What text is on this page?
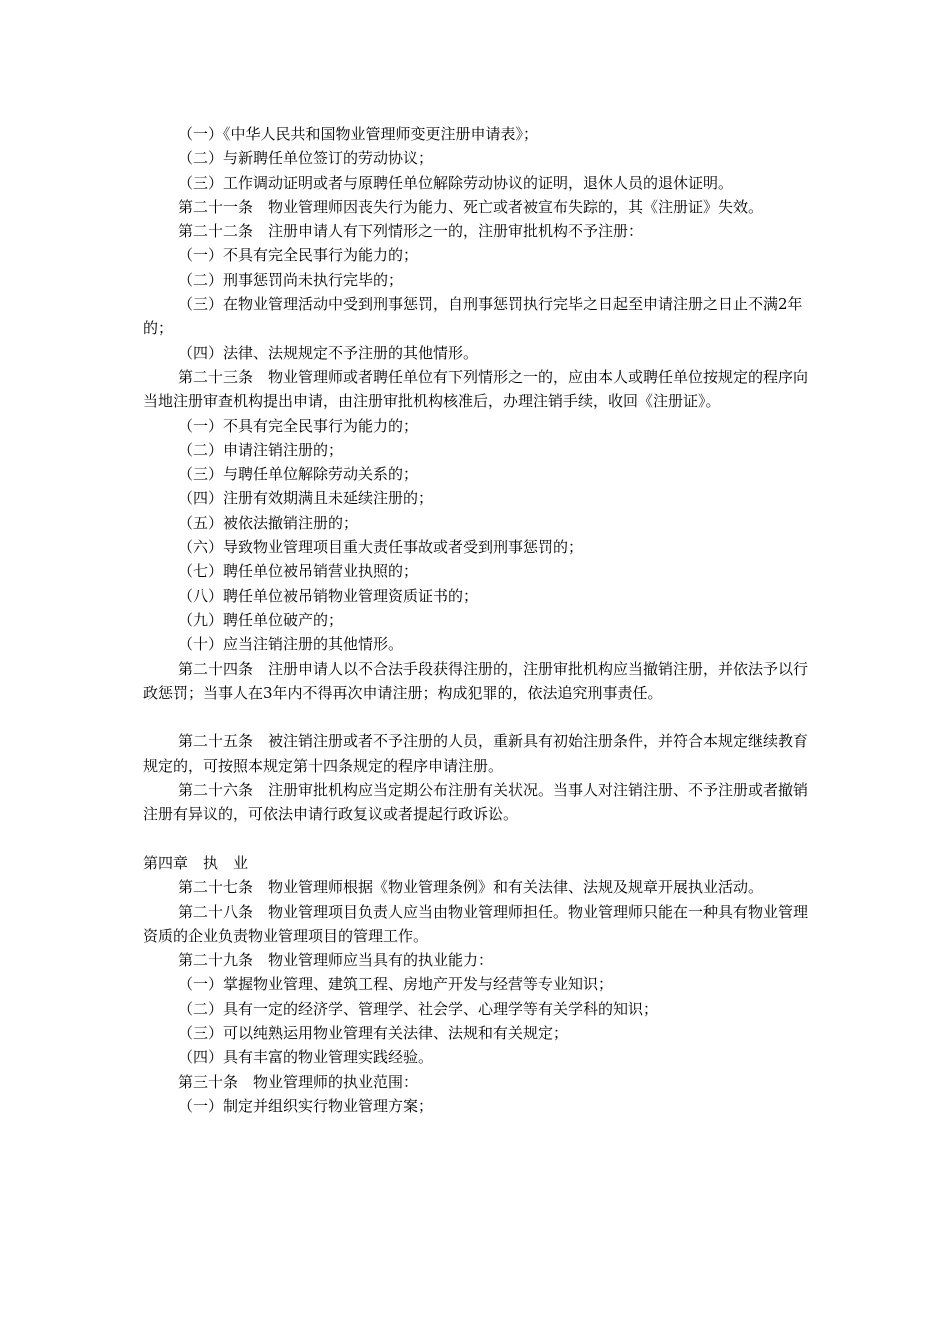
（一）《中华人民共和国物业管理师变更注册申请表》；

（二）与新聘任单位签订的劳动协议；

（三）工作调动证明或者与原聘任单位解除劳动协议的证明，退休人员的退休证明。

第二十一条　物业管理师因丧失行为能力、死亡或者被宣布失踪的，其《注册证》失效。

第二十二条　注册申请人有下列情形之一的，注册审批机构不予注册：

（一）不具有完全民事行为能力的；

（二）刑事惩罚尚未执行完毕的；

（三）在物业管理活动中受到刑事惩罚，自刑事惩罚执行完毕之日起至申请注册之日止不满2年的；

（四）法律、法规规定不予注册的其他情形。

第二十三条　物业管理师或者聘任单位有下列情形之一的，应由本人或聘任单位按规定的程序向当地注册审查机构提出申请，由注册审批机构核准后，办理注销手续，收回《注册证》。

（一）不具有完全民事行为能力的；

（二）申请注销注册的；

（三）与聘任单位解除劳动关系的；

（四）注册有效期满且未延续注册的；

（五）被依法撤销注册的；

（六）导致物业管理项目重大责任事故或者受到刑事惩罚的；

（七）聘任单位被吊销营业执照的；

（八）聘任单位被吊销物业管理资质证书的；

（九）聘任单位破产的；

（十）应当注销注册的其他情形。

第二十四条　注册申请人以不合法手段获得注册的，注册审批机构应当撤销注册，并依法予以行政惩罚；当事人在3年内不得再次申请注册；构成犯罪的，依法追究刑事责任。

第二十五条　被注销注册或者不予注册的人员，重新具有初始注册条件，并符合本规定继续教育规定的，可按照本规定第十四条规定的程序申请注册。

第二十六条　注册审批机构应当定期公布注册有关状况。当事人对注销注册、不予注册或者撤销注册有异议的，可依法申请行政复议或者提起行政诉讼。

第四章　执　业

第二十七条　物业管理师根据《物业管理条例》和有关法律、法规及规章开展执业活动。

第二十八条　物业管理项目负责人应当由物业管理师担任。物业管理师只能在一种具有物业管理资质的企业负责物业管理项目的管理工作。

第二十九条　物业管理师应当具有的执业能力：

（一）掌握物业管理、建筑工程、房地产开发与经营等专业知识；

（二）具有一定的经济学、管理学、社会学、心理学等有关学科的知识；

（三）可以纯熟运用物业管理有关法律、法规和有关规定；

（四）具有丰富的物业管理实践经验。

第三十条　物业管理师的执业范围：

（一）制定并组织实行物业管理方案；
